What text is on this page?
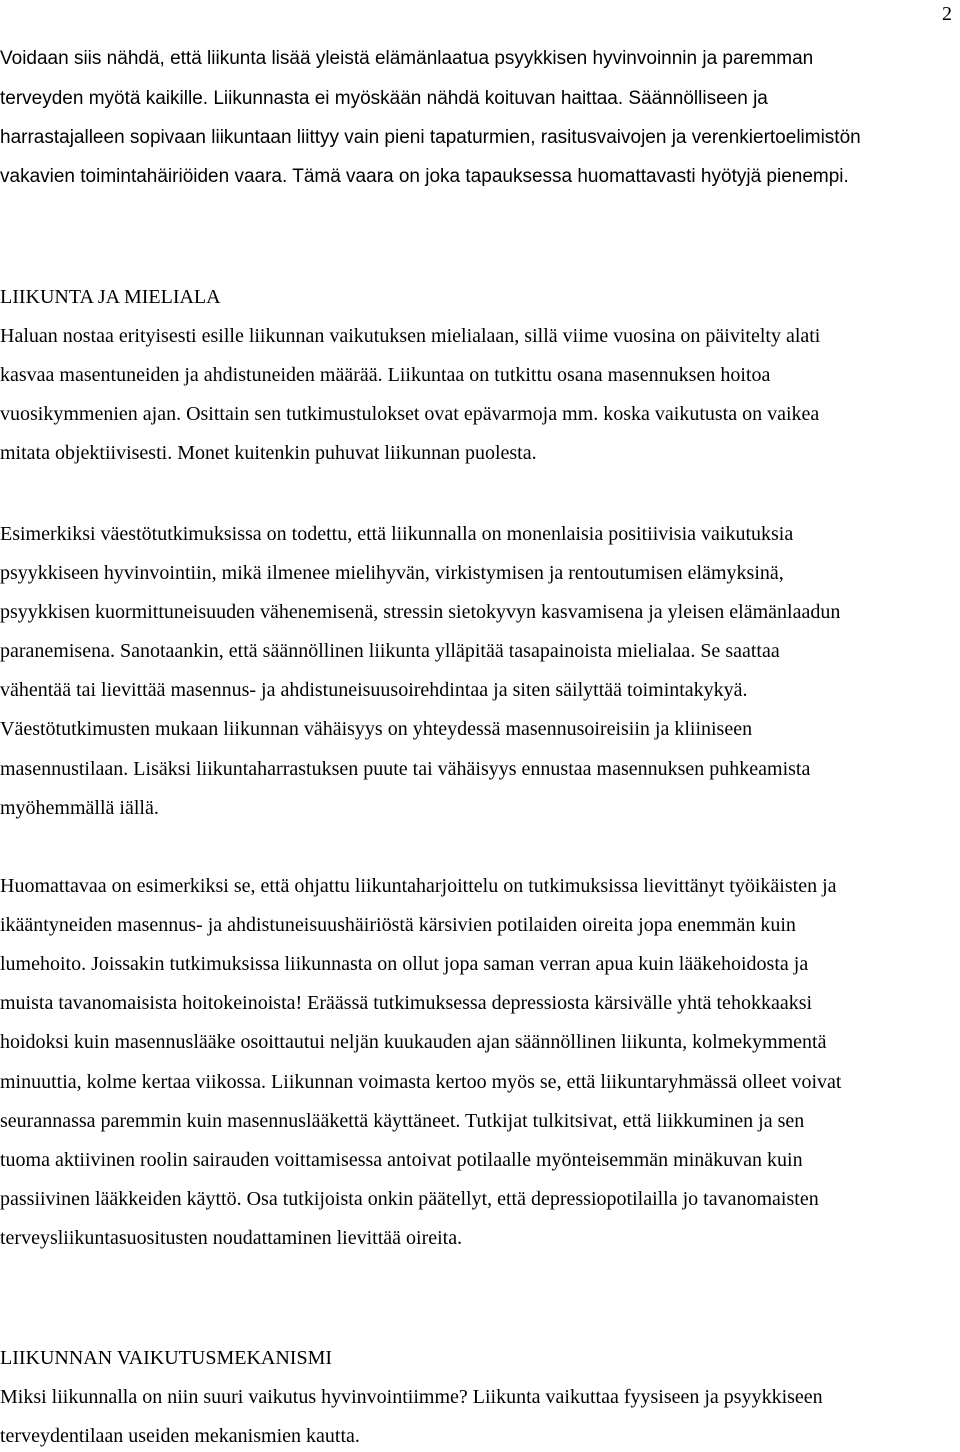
2
Voidaan siis nähdä, että liikunta lisää yleistä elämänlaatua psyykkisen hyvinvoinnin ja paremman
terveyden myötä kaikille. Liikunnasta ei myöskään nähdä koituvan haittaa. Säännölliseen ja
harrastajalleen sopivaan liikuntaan liittyy vain pieni tapaturmien, rasitusvaivojen ja verenkiertoelimistön
vakavien toimintahäiriöiden vaara. Tämä vaara on joka tapauksessa huomattavasti hyötyjä pienempi.
LIIKUNTA JA MIELIALA
Haluan nostaa erityisesti esille liikunnan vaikutuksen mielialaan, sillä viime vuosina on päivitelty alati
kasvaa masentuneiden ja ahdistuneiden määrää. Liikuntaa on tutkittu osana masennuksen hoitoa
vuosikymmenien ajan. Osittain sen tutkimustulokset ovat epävarmoja mm. koska vaikutusta on vaikea
mitata objektiivisesti. Monet kuitenkin puhuvat liikunnan puolesta.
Esimerkiksi väestötutkimuksissa on todettu, että liikunnalla on monenlaisia positiivisia vaikutuksia
psyykkiseen hyvinvointiin, mikä ilmenee mielihyvän, virkistymisen ja rentoutumisen elämyksinä,
psyykkisen kuormittuneisuuden vähenemisenä, stressin sietokyvyn kasvamisena ja yleisen elämänlaadun
paranemisena. Sanotaankin, että säännöllinen liikunta ylläpitää tasapainoista mielialaa. Se saattaa
vähentää tai lievittää masennus- ja ahdistuneisuusoirehdintaa ja siten säilyttää toimintakykyä.
Väestötutkimusten mukaan liikunnan vähäisyys on yhteydessä masennusoireisiin ja kliiniseen
masennustilaan. Lisäksi liikuntaharrastuksen puute tai vähäisyys ennustaa masennuksen puhkeamista
myöhemmällä iällä.
Huomattavaa on esimerkiksi se, että ohjattu liikuntaharjoittelu on tutkimuksissa lievittänyt työikäisten ja
ikääntyneiden masennus- ja ahdistuneisuushäiriöstä kärsivien potilaiden oireita jopa enemmän kuin
lumehoito. Joissakin tutkimuksissa liikunnasta on ollut jopa saman verran apua kuin lääkehoidosta ja
muista tavanomaisista hoitokeinoista! Eräässä tutkimuksessa depressiosta kärsivälle yhtä tehokkaaksi
hoidoksi kuin masennuslääke osoittautui neljän kuukauden ajan säännöllinen liikunta, kolmekymmentä
minuuttia, kolme kertaa viikossa. Liikunnan voimasta kertoo myös se, että liikuntaryhmässä olleet voivat
seurannassa paremmin kuin masennuslääkettä käyttäneet. Tutkijat tulkitsivat, että liikkuminen ja sen
tuoma aktiivinen roolin sairauden voittamisessa antoivat potilaalle myönteisemmän minäkuvan kuin
passiivinen lääkkeiden käyttö. Osa tutkijoista onkin päätellyt, että depressiopotilailla jo tavanomaisten
terveysliikuntasuositusten noudattaminen lievittää oireita.
LIIKUNNAN VAIKUTUSMEKANISMI
Miksi liikunnalla on niin suuri vaikutus hyvinvointiimme? Liikunta vaikuttaa fyysiseen ja psyykkiseen
terveydentilaan useiden mekanismien kautta.
